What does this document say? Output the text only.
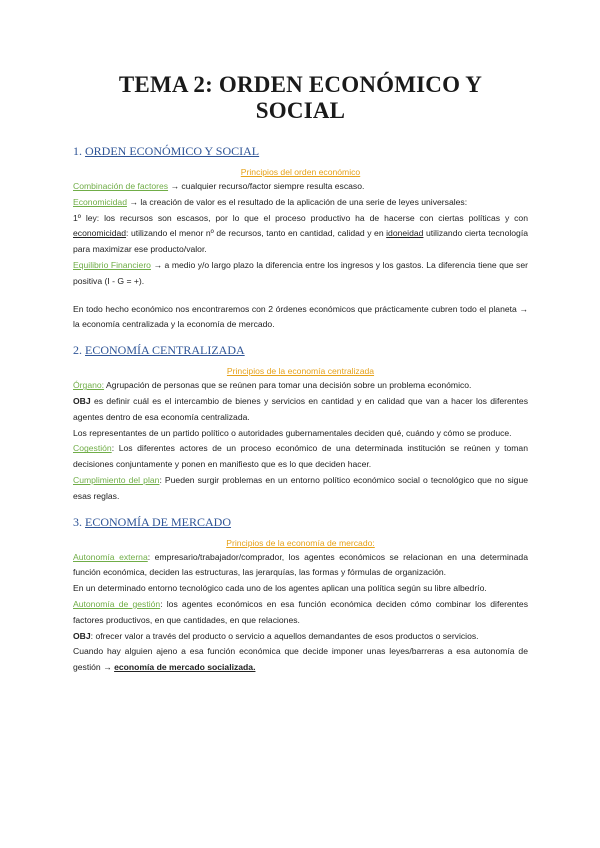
TEMA 2: ORDEN ECONÓMICO Y SOCIAL
1. ORDEN ECONÓMICO Y SOCIAL
Principios del orden económico

Combinación de factores → cualquier recurso/factor siempre resulta escaso.
Economicidad → la creación de valor es el resultado de la aplicación de una serie de leyes universales:
1º ley: los recursos son escasos, por lo que el proceso productivo ha de hacerse con ciertas políticas y con economicidad: utilizando el menor nº de recursos, tanto en cantidad, calidad y en idoneidad utilizando cierta tecnología para maximizar ese producto/valor.
Equilibrio Financiero → a medio y/o largo plazo la diferencia entre los ingresos y los gastos. La diferencia tiene que ser positiva (I - G = +).

En todo hecho económico nos encontraremos con 2 órdenes económicos que prácticamente cubren todo el planeta → la economía centralizada y la economía de mercado.

2. ECONOMÍA CENTRALIZADA
Principios de la economía centralizada

Órgano: Agrupación de personas que se reúnen para tomar una decisión sobre un problema económico.
OBJ es definir cuál es el intercambio de bienes y servicios en cantidad y en calidad que van a hacer los diferentes agentes dentro de esa economía centralizada.
Los representantes de un partido político o autoridades gubernamentales deciden qué, cuándo y cómo se produce.
Cogestión: Los diferentes actores de un proceso económico de una determinada institución se reúnen y toman decisiones conjuntamente y ponen en manifiesto que es lo que deciden hacer.
Cumplimiento del plan: Pueden surgir problemas en un entorno político económico social o tecnológico que no sigue esas reglas.

3. ECONOMÍA DE MERCADO
Principios de la economía de mercado:

Autonomía externa: empresario/trabajador/comprador, los agentes económicos se relacionan en una determinada función económica, deciden las estructuras, las jerarquías, las formas y fórmulas de organización.
En un determinado entorno tecnológico cada uno de los agentes aplican una política según su libre albedrío.
Autonomía de gestión: los agentes económicos en esa función económica deciden cómo combinar los diferentes factores productivos, en que cantidades, en que relaciones.
OBJ: ofrecer valor a través del producto o servicio a aquellos demandantes de esos productos o servicios.
Cuando hay alguien ajeno a esa función económica que decide imponer unas leyes/barreras a esa autonomía de gestión → economía de mercado socializada.
